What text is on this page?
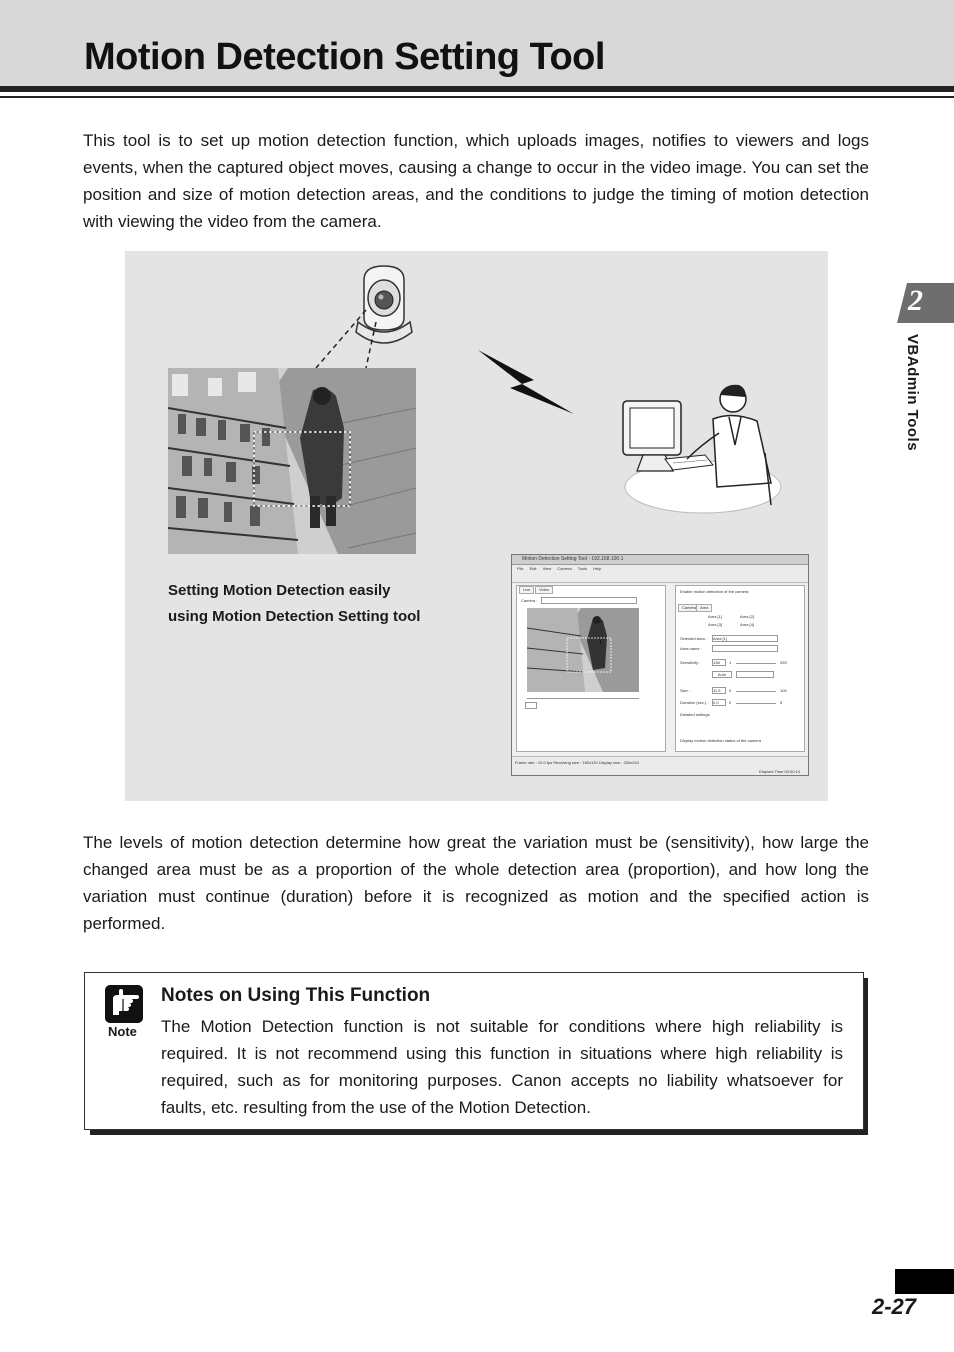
Motion Detection Setting Tool

This tool is to set up motion detection function, which uploads images, notifies to viewers and logs events, when the captured object moves, causing a change to occur in the video image. You can set the position and size of motion detection areas, and the conditions to judge the timing of motion detection with viewing the video from the camera.

Setting Motion Detection easily using Motion Detection Setting tool

Motion Detection Setting Tool - 192.168.100.1
File Edit View Camera Tools Help
Live	Video
Camera :
1
Enable motion detection of the camera
Camera Area
Area [1]	Area [2]
Area [3]	Area [4]
Selected area : Area [1]
Area name :
Sensitivity :	138	1	255
Auto
Size :	11.5	0	100
Duration (sec.) : 0.0	0	5
Detailed settings
Display motion detection status of the camera
Frame rate : 10.0 fps Receiving size : 160x120 Display size : 320x240
Elapsed Time 00:00:14

The levels of motion detection determine how great the variation must be (sensitivity), how large the changed area must be as a proportion of the whole detection area (proportion), and how long the variation must continue (duration) before it is recognized as motion and the specified action is performed.

Note
Notes on Using This Function

The Motion Detection function is not suitable for conditions where high reliability is required. It is not recommend using this function in situations where high reliability is required, such as for monitoring purposes. Canon accepts no liability whatsoever for faults, etc. resulting from the use of the Motion Detection.

2
VBAdmin Tools
2-27
